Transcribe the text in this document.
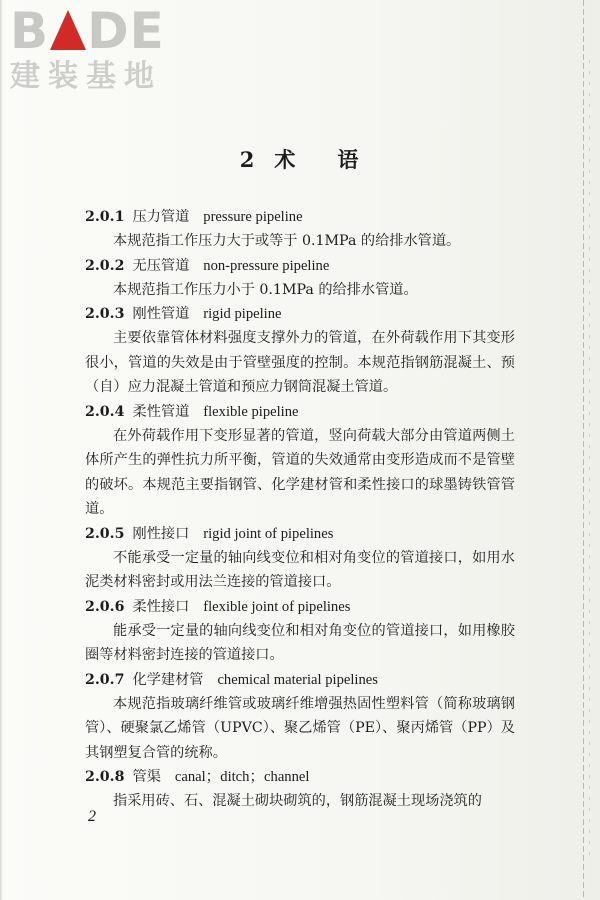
B DE
建装基地
2 术 语
2.0.1 压力管道 pressure pipeline

本规范指工作压力大于或等于 0.1MPa 的给排水管道。

2.0.2 无压管道 non-pressure pipeline

本规范指工作压力小于 0.1MPa 的给排水管道。

2.0.3 刚性管道 rigid pipeline

主要依靠管体材料强度支撑外力的管道，在外荷载作用下其变形很小，管道的失效是由于管壁强度的控制。本规范指钢筋混凝土、预（自）应力混凝土管道和预应力钢筒混凝土管道。

2.0.4 柔性管道 flexible pipeline

在外荷载作用下变形显著的管道，竖向荷载大部分由管道两侧土体所产生的弹性抗力所平衡，管道的失效通常由变形造成而不是管壁的破坏。本规范主要指钢管、化学建材管和柔性接口的球墨铸铁管管道。

2.0.5 刚性接口 rigid joint of pipelines

不能承受一定量的轴向线变位和相对角变位的管道接口，如用水泥类材料密封或用法兰连接的管道接口。

2.0.6 柔性接口 flexible joint of pipelines

能承受一定量的轴向线变位和相对角变位的管道接口，如用橡胶圈等材料密封连接的管道接口。

2.0.7 化学建材管 chemical material pipelines

本规范指玻璃纤维管或玻璃纤维增强热固性塑料管（简称玻璃钢管）、硬聚氯乙烯管（UPVC）、聚乙烯管（PE）、聚丙烯管（PP）及其钢塑复合管的统称。

2.0.8 管渠 canal；ditch；channel

指采用砖、石、混凝土砌块砌筑的，钢筋混凝土现场浇筑的

2
